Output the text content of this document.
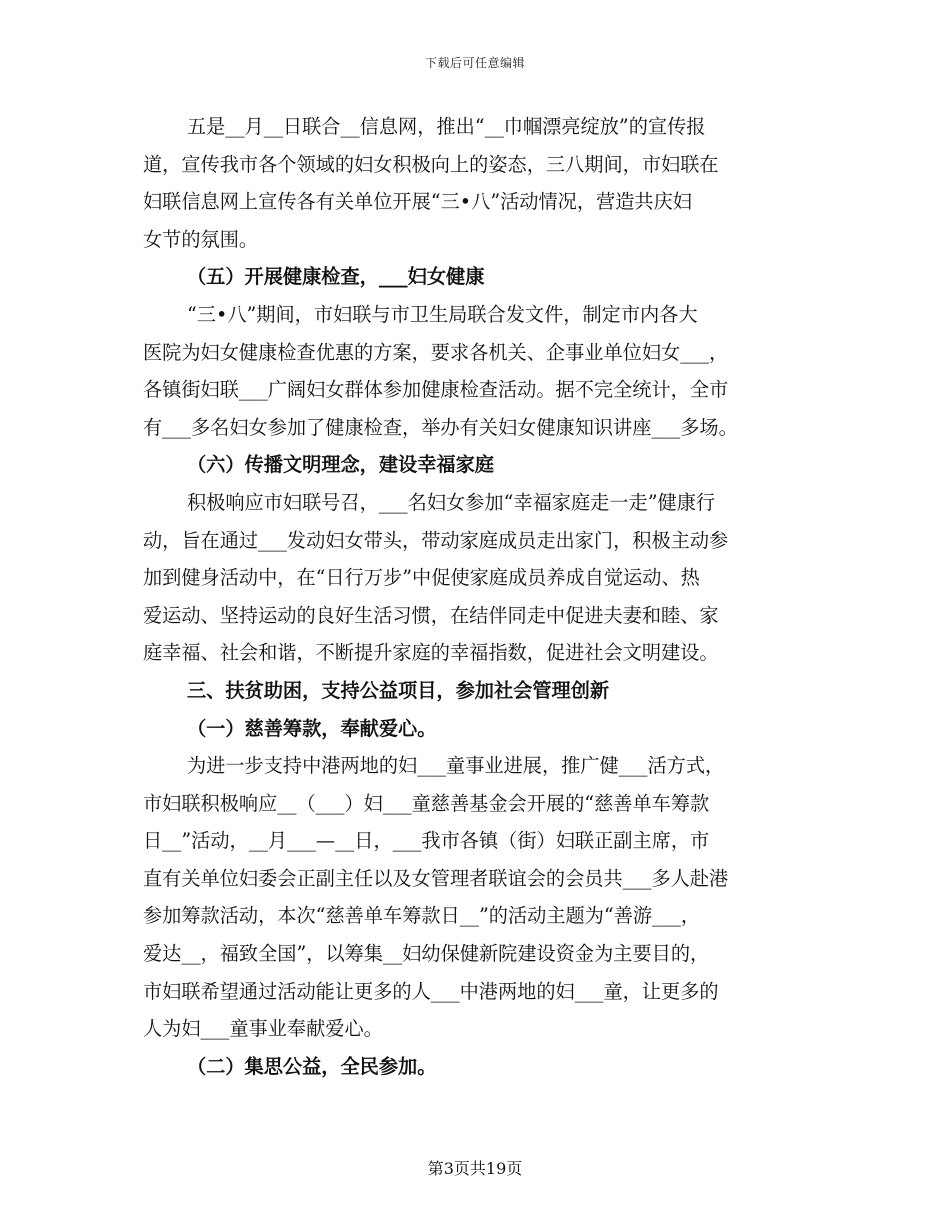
下载后可任意编辑
五是__月__日联合__信息网，推出“__巾帼漂亮绽放”的宣传报
道，宣传我市各个领域的妇女积极向上的姿态，三八期间，市妇联在
妇联信息网上宣传各有关单位开展“三•八”活动情况，营造共庆妇
女节的氛围。
（五）开展健康检查，___妇女健康
“三•八”期间，市妇联与市卫生局联合发文件，制定市内各大
医院为妇女健康检查优惠的方案，要求各机关、企事业单位妇女___，
各镇街妇联___广阔妇女群体参加健康检查活动。据不完全统计，全市
有___多名妇女参加了健康检查，举办有关妇女健康知识讲座___多场。
（六）传播文明理念，建设幸福家庭
积极响应市妇联号召，___名妇女参加“幸福家庭走一走”健康行
动，旨在通过___发动妇女带头，带动家庭成员走出家门，积极主动参
加到健身活动中，在“日行万步”中促使家庭成员养成自觉运动、热
爱运动、坚持运动的良好生活习惯，在结伴同走中促进夫妻和睦、家
庭幸福、社会和谐，不断提升家庭的幸福指数，促进社会文明建设。
三、扶贫助困，支持公益项目，参加社会管理创新
（一）慈善筹款，奉献爱心。
为进一步支持中港两地的妇___童事业进展，推广健___活方式，
市妇联积极响应__（___）妇___童慈善基金会开展的“慈善单车筹款
日__”活动，__月___—__日，___我市各镇（街）妇联正副主席，市
直有关单位妇委会正副主任以及女管理者联谊会的会员共___多人赴港
参加筹款活动，本次“慈善单车筹款日__”的活动主题为“善游___，
爱达__，福致全国”，以筹集__妇幼保健新院建设资金为主要目的，
市妇联希望通过活动能让更多的人___中港两地的妇___童，让更多的
人为妇___童事业奉献爱心。
（二）集思公益，全民参加。
第3页共19页
